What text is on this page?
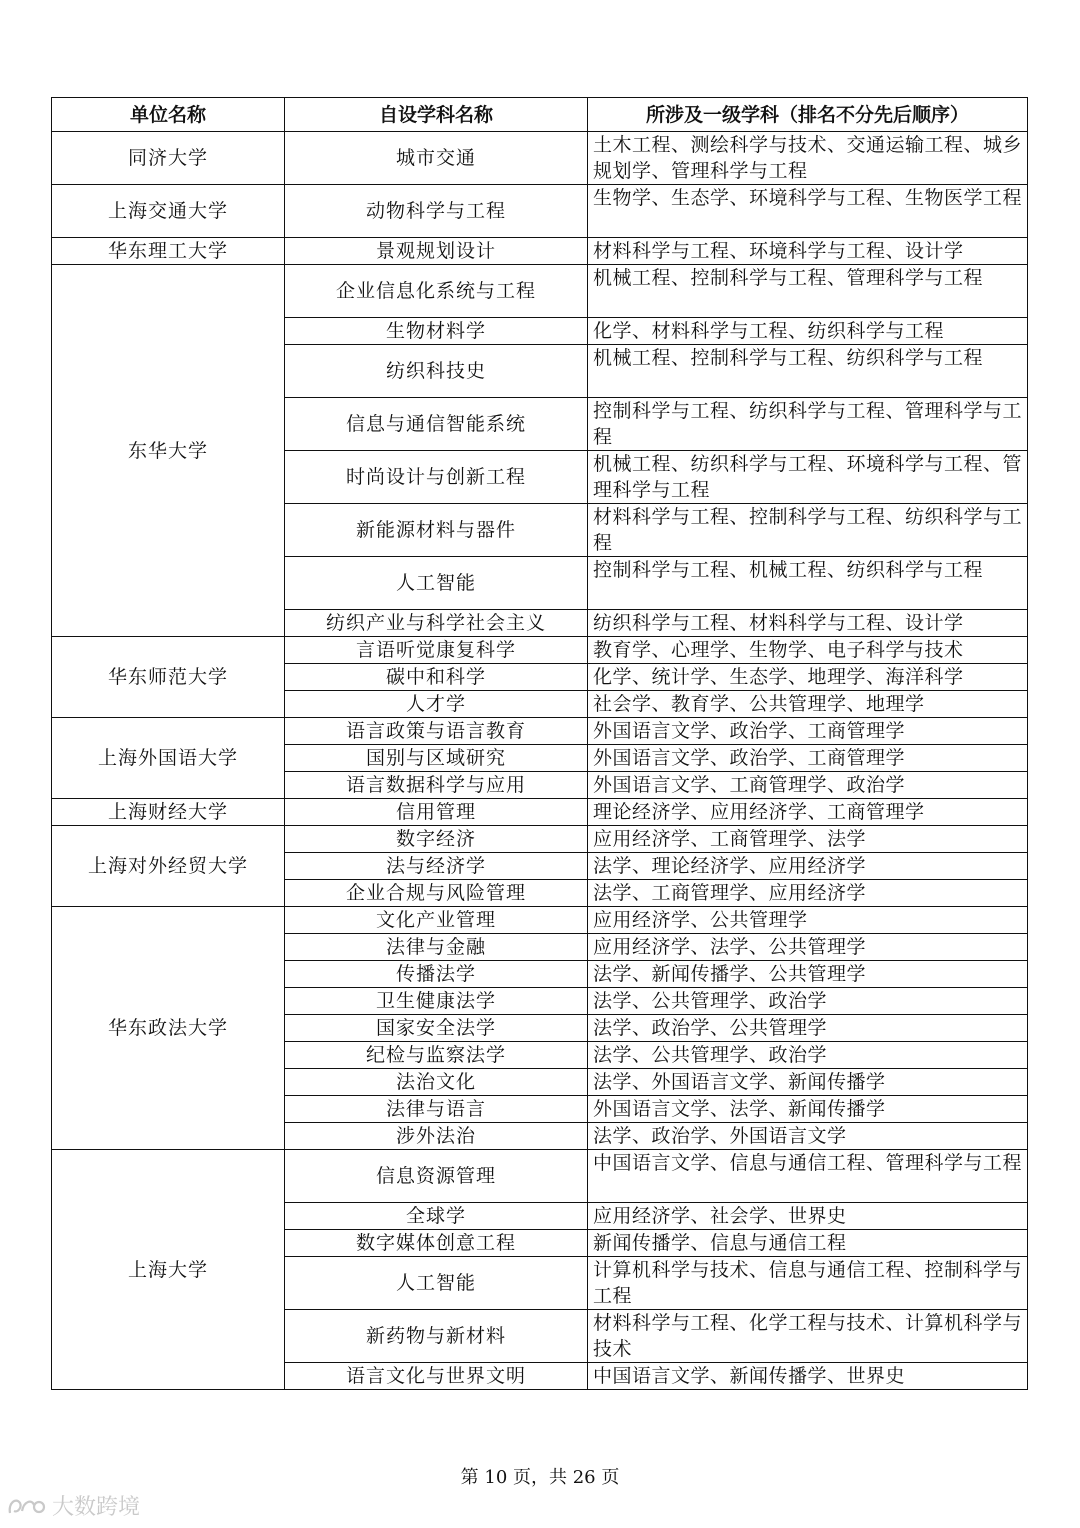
单位名称	自设学科名称	所涉及一级学科（排名不分先后顺序）
同济大学	城市交通	土木工程、测绘科学与技术、交通运输工程、城乡规划学、管理科学与工程
上海交通大学	动物科学与工程	生物学、生态学、环境科学与工程、生物医学工程
华东理工大学	景观规划设计	材料科学与工程、环境科学与工程、设计学
东华大学	企业信息化系统与工程	机械工程、控制科学与工程、管理科学与工程
	生物材料学	化学、材料科学与工程、纺织科学与工程
	纺织科技史	机械工程、控制科学与工程、纺织科学与工程
	信息与通信智能系统	控制科学与工程、纺织科学与工程、管理科学与工程
	时尚设计与创新工程	机械工程、纺织科学与工程、环境科学与工程、管理科学与工程
	新能源材料与器件	材料科学与工程、控制科学与工程、纺织科学与工程
	人工智能	控制科学与工程、机械工程、纺织科学与工程
	纺织产业与科学社会主义	纺织科学与工程、材料科学与工程、设计学
华东师范大学	言语听觉康复科学	教育学、心理学、生物学、电子科学与技术
	碳中和科学	化学、统计学、生态学、地理学、海洋科学
	人才学	社会学、教育学、公共管理学、地理学
上海外国语大学	语言政策与语言教育	外国语言文学、政治学、工商管理学
	国别与区域研究	外国语言文学、政治学、工商管理学
	语言数据科学与应用	外国语言文学、工商管理学、政治学
上海财经大学	信用管理	理论经济学、应用经济学、工商管理学
上海对外经贸大学	数字经济	应用经济学、工商管理学、法学
	法与经济学	法学、理论经济学、应用经济学
	企业合规与风险管理	法学、工商管理学、应用经济学
华东政法大学	文化产业管理	应用经济学、公共管理学
	法律与金融	应用经济学、法学、公共管理学
	传播法学	法学、新闻传播学、公共管理学
	卫生健康法学	法学、公共管理学、政治学
	国家安全法学	法学、政治学、公共管理学
	纪检与监察法学	法学、公共管理学、政治学
	法治文化	法学、外国语言文学、新闻传播学
	法律与语言	外国语言文学、法学、新闻传播学
	涉外法治	法学、政治学、外国语言文学
上海大学	信息资源管理	中国语言文学、信息与通信工程、管理科学与工程
	全球学	应用经济学、社会学、世界史
	数字媒体创意工程	新闻传播学、信息与通信工程
	人工智能	计算机科学与技术、信息与通信工程、控制科学与工程
	新药物与新材料	材料科学与工程、化学工程与技术、计算机科学与技术
	语言文化与世界文明	中国语言文学、新闻传播学、世界史
第 10 页，共 26 页
大数跨境
